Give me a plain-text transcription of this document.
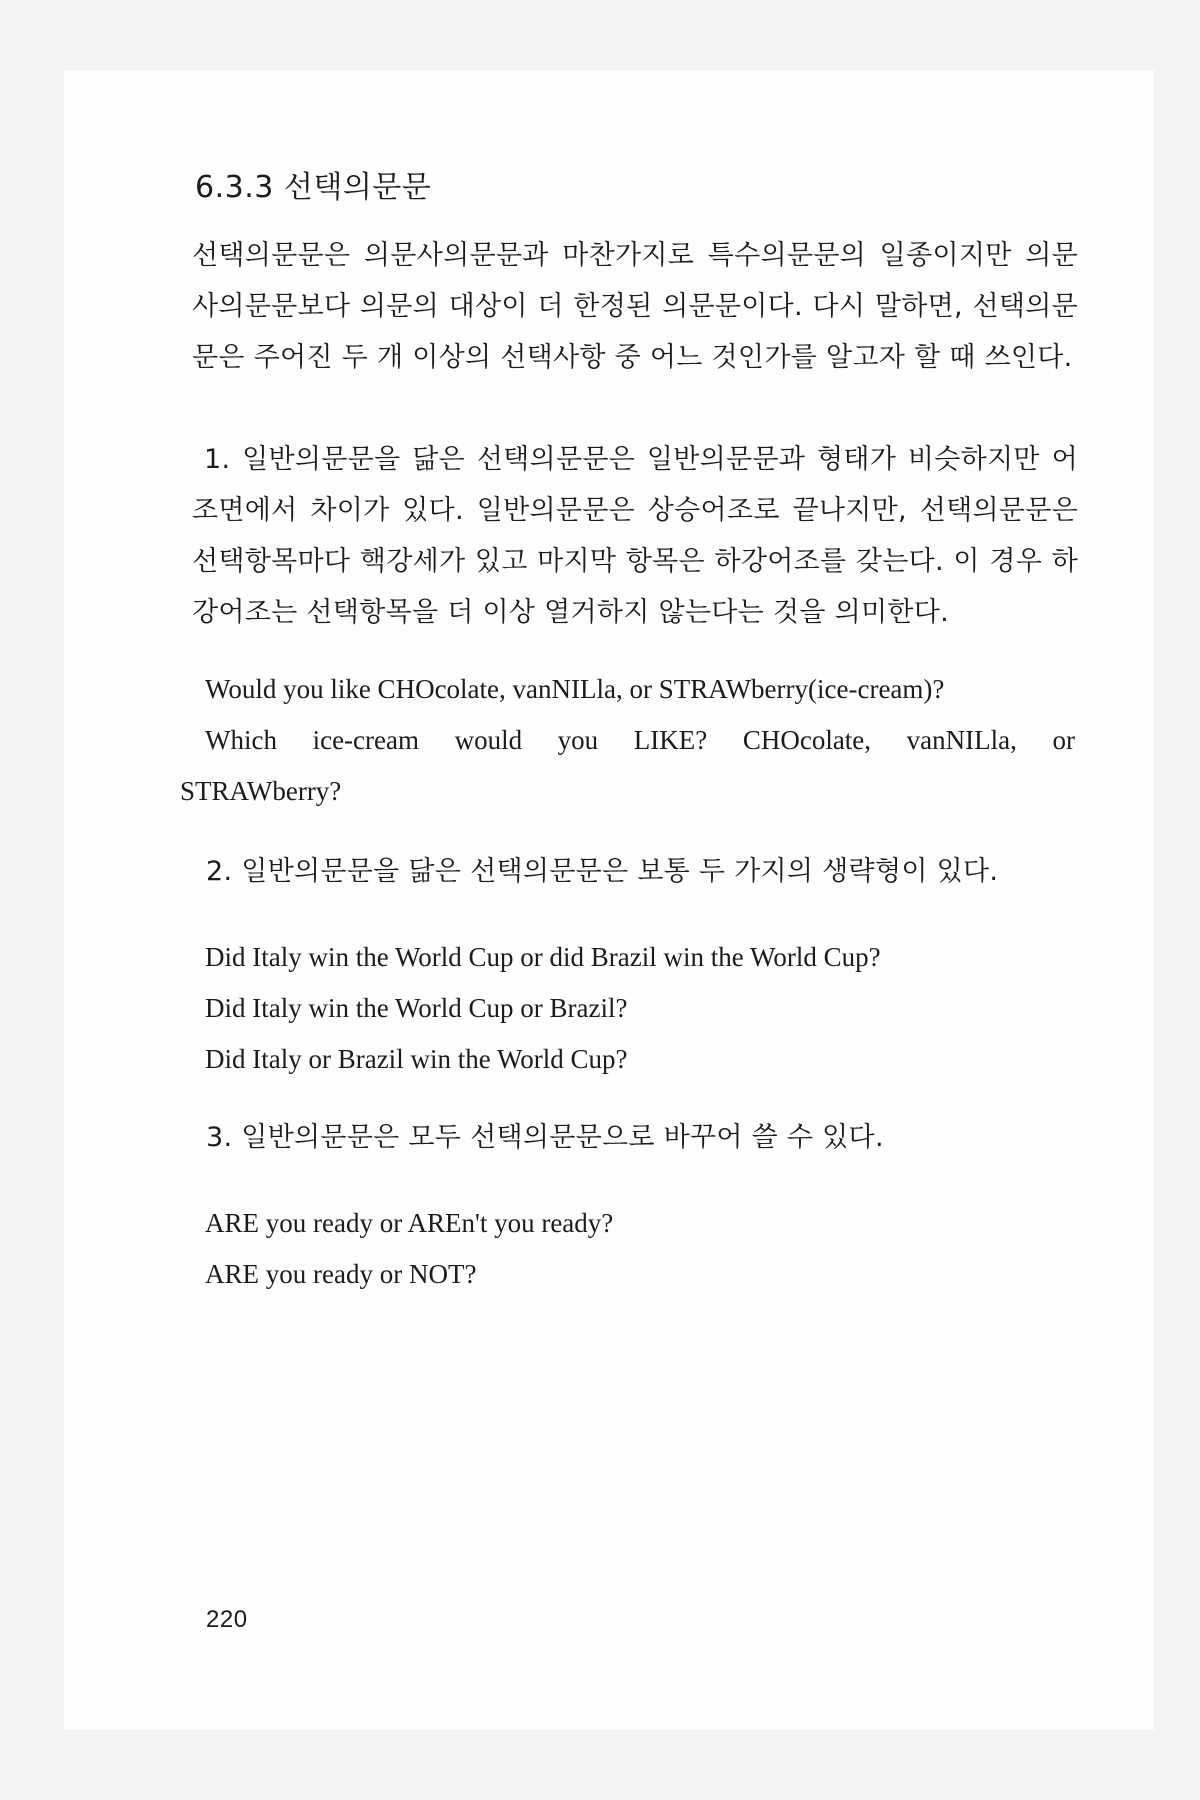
6.3.3 선택의문문

선택의문문은 의문사의문문과 마찬가지로 특수의문문의 일종이지만 의문사의문문보다 의문의 대상이 더 한정된 의문문이다. 다시 말하면, 선택의문문은 주어진 두 개 이상의 선택사항 중 어느 것인가를 알고자 할 때 쓰인다.

1. 일반의문문을 닮은 선택의문문은 일반의문문과 형태가 비슷하지만 어조면에서 차이가 있다. 일반의문문은 상승어조로 끝나지만, 선택의문문은 선택항목마다 핵강세가 있고 마지막 항목은 하강어조를 갖는다. 이 경우 하강어조는 선택항목을 더 이상 열거하지 않는다는 것을 의미한다.

Would you like CHOcolate, vanNILla, or STRAWberry(ice-cream)?

Which ice-cream would you LIKE? CHOcolate, vanNILla, or

STRAWberry?

2. 일반의문문을 닮은 선택의문문은 보통 두 가지의 생략형이 있다.

Did Italy win the World Cup or did Brazil win the World Cup?

Did Italy win the World Cup or Brazil?

Did Italy or Brazil win the World Cup?

3. 일반의문문은 모두 선택의문문으로 바꾸어 쓸 수 있다.

ARE you ready or AREn't you ready?

ARE you ready or NOT?

220
